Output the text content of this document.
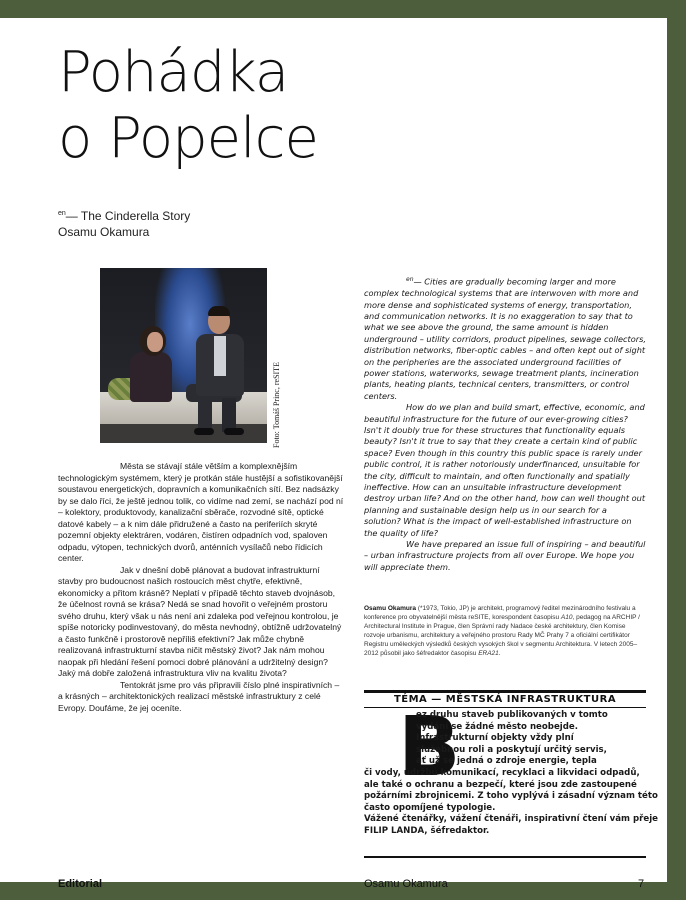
Pohádka
o Popelce
$^{en}$— The Cinderella Story
Osamu Okamura
Foto: Tomáš Princ, reSITE

Města se stávají stále větším a komplexnějším technologickým systémem, který je protkán stále hustější a sofistikovanější soustavou energetických, dopravních a komunikačních sítí. Bez nadsázky by se dalo říci, že ještě jednou tolik, co vidíme nad zemí, se nachází pod ní – kolektory, produktovody, kanalizační sběrače, rozvodné sítě, optické datové kabely – a k nim dále přidružené a často na periferiích skryté pozemní objekty elektráren, vodáren, čistíren odpadních vod, spaloven odpadu, výtopen, technických dvorů, anténních vysílačů nebo řídicích center.

Jak v dnešní době plánovat a budovat infrastrukturní stavby pro budoucnost našich rostoucích měst chytře, efektivně, ekonomicky a přitom krásně? Neplatí v případě těchto staveb dvojnásob, že účelnost rovná se krása? Nedá se snad hovořit o veřejném prostoru svého druhu, který však u nás není ani zdaleka pod veřejnou kontrolou, je spíše notoricky podinvestovaný, do města nevhodný, obtížně udržovatelný a často funkčně i prostorově nepříliš efektivní? Jak může chybně realizovaná infrastrukturní stavba ničit městský život? Jak nám mohou naopak při hledání řešení pomoci dobré plánování a udržitelný design? Jaký má dobře založená infrastruktura vliv na kvalitu života?

Tentokrát jsme pro vás připravili číslo plné inspirativních – a krásných – architektonických realizací městské infrastruktury z celé Evropy. Doufáme, že jej oceníte.

$^{en}$— Cities are gradually becoming larger and more complex technological systems that are interwoven with more and more dense and sophisticated systems of energy, transportation, and communication networks. It is no exaggeration to say that to what we see above the ground, the same amount is hidden underground – utility corridors, product pipelines, sewage collectors, distribution networks, fiber-optic cables – and often kept out of sight on the peripheries are the associated underground facilities of power stations, waterworks, sewage treatment plants, incineration plants, heating plants, technical centers, transmitters, or control centers.

How do we plan and build smart, effective, economic, and beautiful infrastructure for the future of our ever-growing cities? Isn't it doubly true for these structures that functionality equals beauty? Isn't it true to say that they create a certain kind of public space? Even though in this country this public space is rarely under public control, it is rather notoriously underfinanced, unsuitable for the city, difficult to maintain, and often functionally and spatially ineffective. How can an unsuitable infrastructure development destroy urban life? And on the other hand, how can well thought out planning and sustainable design help us in our search for a solution? What is the impact of well-established infrastructure on the quality of life?

We have prepared an issue full of inspiring – and beautiful – urban infrastructure projects from all over Europe. We hope you will appreciate them.

Osamu Okamura (*1973, Tokio, JP) je architekt, programový ředitel mezinárodního festivalu a konference pro obyvatelnější města reSITE, korespondent časopisu A10, pedagog na ARCHIP / Architectural Institute in Prague, člen Správní rady Nadace české architektury, člen Komise rozvoje urbanismu, architektury a veřejného prostoru Rady MČ Prahy 7 a oficiální certifikátor Registru uměleckých výsledků českých vysokých škol v segmentu Architektura. V letech 2005–2012 působil jako šéfredaktor časopisu ERA21.
TÉMA — MĚSTSKÁ INFRASTRUKTURA
B
ez druhu staveb publikovaných v tomto
vydání se žádné město neobejde.
Infrastrukturní objekty vždy plní
služebnou roli a poskytují určitý servis,
ať už se jedná o zdroje energie, tepla
či vody, údržbu komunikací, recyklaci a likvidaci odpadů,
ale také o ochranu a bezpečí, které jsou zde zastoupené
požárními zbrojnicemi. Z toho vyplývá i zásadní význam této
často opomíjené typologie.
Vážené čtenářky, vážení čtenáři, inspirativní čtení vám přeje
FILIP LANDA, šéfredaktor.
Editorial	Osamu Okamura	7
